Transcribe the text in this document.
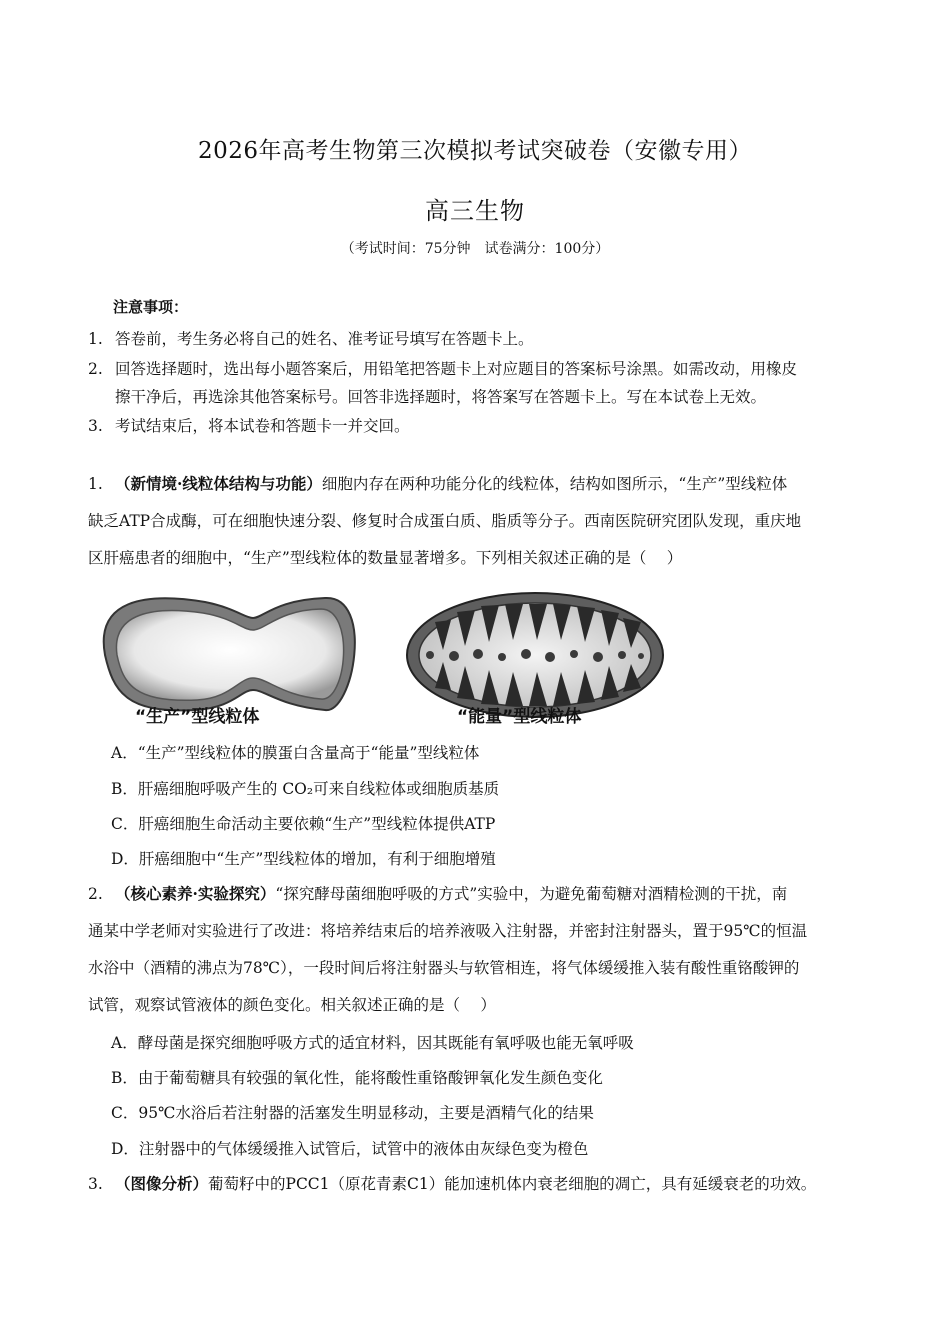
2026年高考生物第三次模拟考试突破卷（安徽专用）
高三生物
（考试时间：75分钟　试卷满分：100分）
注意事项：
1. 答卷前，考生务必将自己的姓名、准考证号填写在答题卡上。
2. 回答选择题时，选出每小题答案后，用铅笔把答题卡上对应题目的答案标号涂黑。如需改动，用橡皮
擦干净后，再选涂其他答案标号。回答非选择题时，将答案写在答题卡上。写在本试卷上无效。
3. 考试结束后，将本试卷和答题卡一并交回。
1. （新情境·线粒体结构与功能）细胞内存在两种功能分化的线粒体，结构如图所示，“生产”型线粒体
缺乏ATP合成酶，可在细胞快速分裂、修复时合成蛋白质、脂质等分子。西南医院研究团队发现，重庆地
区肝癌患者的细胞中，“生产”型线粒体的数量显著增多。下列相关叙述正确的是（　 ）
“生产”型线粒体	“能量”型线粒体
A．“生产”型线粒体的膜蛋白含量高于“能量”型线粒体
B．肝癌细胞呼吸产生的 CO₂可来自线粒体或细胞质基质
C．肝癌细胞生命活动主要依赖“生产”型线粒体提供ATP
D．肝癌细胞中“生产”型线粒体的增加，有利于细胞增殖
2. （核心素养·实验探究）“探究酵母菌细胞呼吸的方式”实验中，为避免葡萄糖对酒精检测的干扰，南
通某中学老师对实验进行了改进：将培养结束后的培养液吸入注射器，并密封注射器头，置于95℃的恒温
水浴中（酒精的沸点为78℃），一段时间后将注射器头与软管相连，将气体缓缓推入装有酸性重铬酸钾的
试管，观察试管液体的颜色变化。相关叙述正确的是（　 ）
A．酵母菌是探究细胞呼吸方式的适宜材料，因其既能有氧呼吸也能无氧呼吸
B．由于葡萄糖具有较强的氧化性，能将酸性重铬酸钾氧化发生颜色变化
C．95℃水浴后若注射器的活塞发生明显移动，主要是酒精气化的结果
D．注射器中的气体缓缓推入试管后，试管中的液体由灰绿色变为橙色
3. （图像分析）葡萄籽中的PCC1（原花青素C1）能加速机体内衰老细胞的凋亡，具有延缓衰老的功效。
